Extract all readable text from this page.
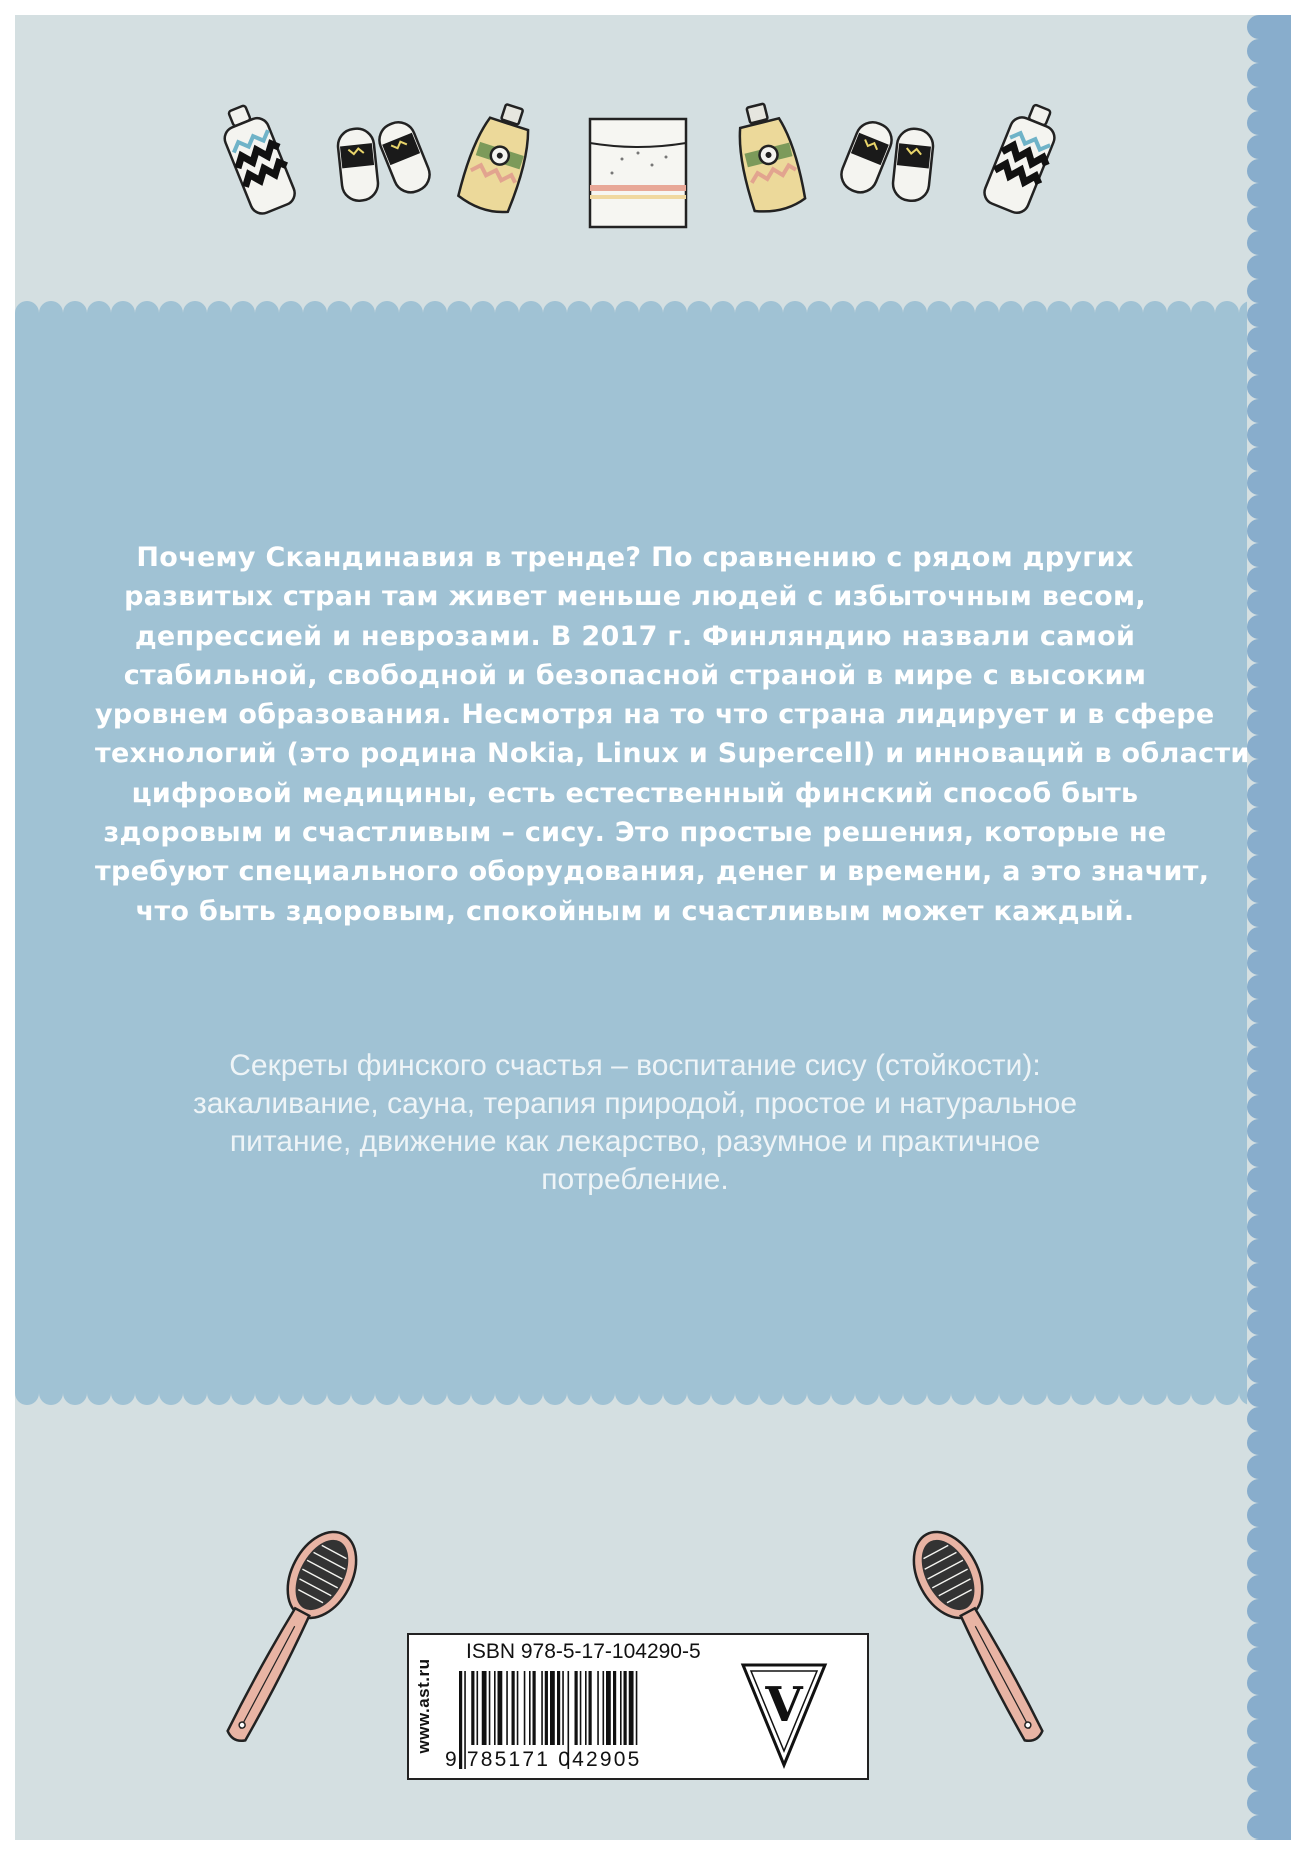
Почему Скандинавия в тренде? По сравнению с рядом других
развитых стран там живет меньше людей с избыточным весом,
депрессией и неврозами. В 2017 г. Финляндию назвали самой
стабильной, свободной и безопасной страной в мире с высоким
уровнем образования. Несмотря на то что страна лидирует и в сфере
технологий (это родина Nokia, Linux и Supercell) и инноваций в области
цифровой медицины, есть естественный финский способ быть
здоровым и счастливым – сису. Это простые решения, которые не
требуют специального оборудования, денег и времени, а это значит,
что быть здоровым, спокойным и счастливым может каждый.
Секреты финского счастья – воспитание сису (стойкости):
закаливание, сауна, терапия природой, простое и натуральное
питание, движение как лекарство, разумное и практичное
потребление.
www.ast.ru
ISBN 978-5-17-104290-5
9 785171 042905
V
